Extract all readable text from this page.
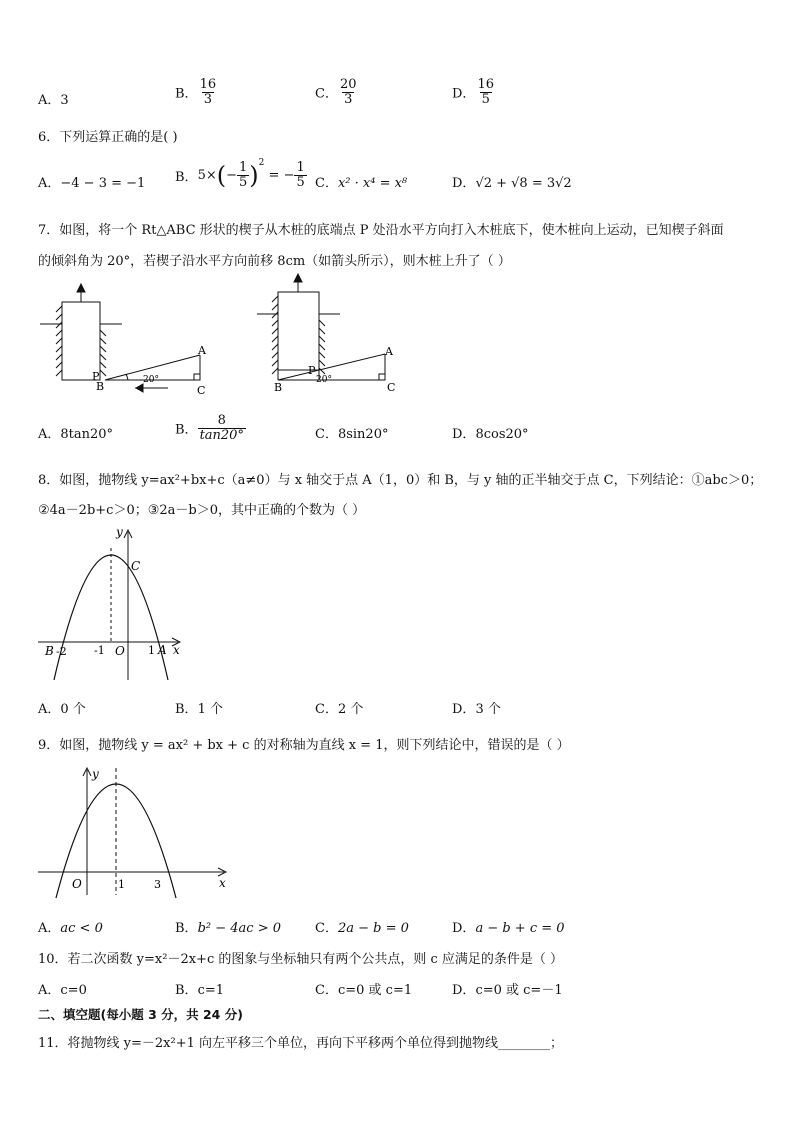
A．3	B． $\frac{16}{3}$	C． $\frac{20}{3}$	D． $\frac{16}{5}$
6．下列运算正确的是( )
A．−4 − 3 = −1 B．$5\times(- \frac{1}{5} )^2$ = − $\frac{1}{5}$ C．x² · x⁴ = x⁸	D．√2 + √8 = 3√2
7．如图，将一个 Rt△ABC 形状的楔子从木桩的底端点 P 处沿水平方向打入木桩底下，使木桩向上运动，已知楔子斜面
的倾斜角为 20°，若楔子沿水平方向前移 8cm（如箭头所示），则木桩上升了（ ）
P
B
A
C
20°
P
B
A
C
20°
A．8tan20°	B． $\frac{8}{\tan 20^\circ}$	C．8sin20°	D．8cos20°
8．如图，抛物线 y=ax²+bx+c（a≠0）与 x 轴交于点 A（1，0）和 B，与 y 轴的正半轴交于点 C，下列结论：①abc＞0；
②4a－2b+c＞0；③2a－b＞0，其中正确的个数为（ ）
y
x
C
B -2 -1 O 1 A
A．0 个	B．1 个	C．2 个	D．3 个
9．如图，抛物线 y = ax² + bx + c 的对称轴为直线 x = 1，则下列结论中，错误的是（ ）
y
x
O	1	3
A．ac < 0	B．b² − 4ac > 0	C．2a − b = 0	D．a − b + c = 0
10．若二次函数 y=x²－2x+c 的图象与坐标轴只有两个公共点，则 c 应满足的条件是（ ）
A．c=0	B．c=1	C．c=0 或 c=1	D．c=0 或 c=－1
二、填空题(每小题 3 分，共 24 分)
11．将抛物线 y=－2x²+1 向左平移三个单位，再向下平移两个单位得到抛物线________；
